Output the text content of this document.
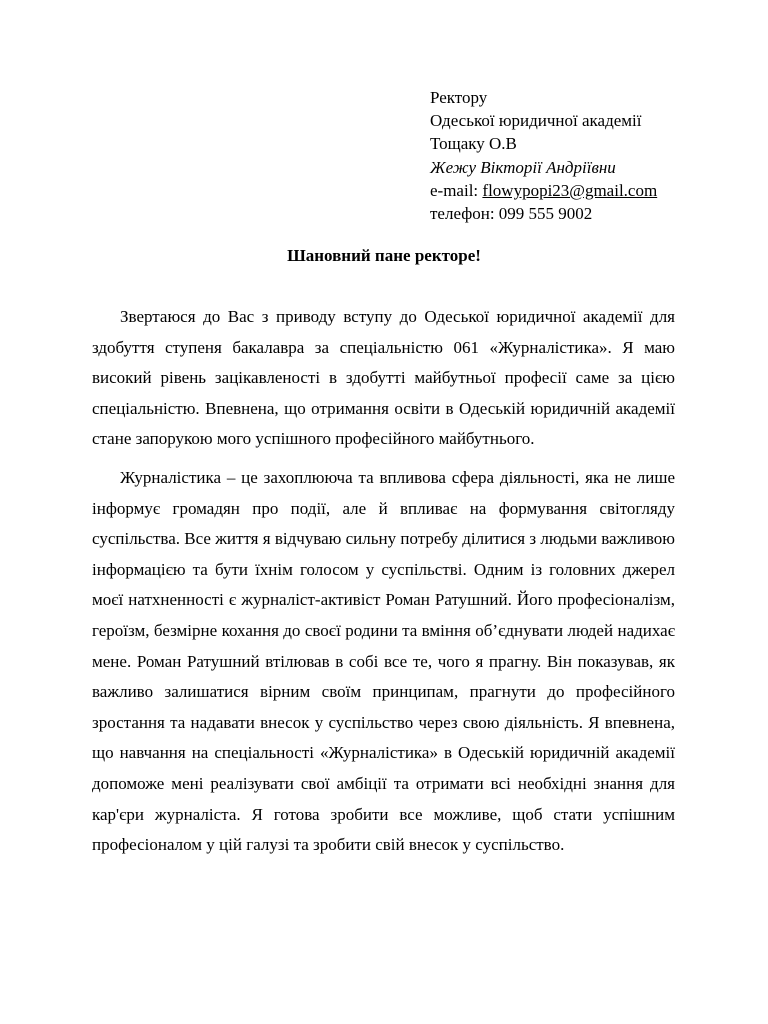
Ректору
Одеської юридичної академії
Тощаку О.В
Жежу Вікторії Андріївни
e-mail: flowypopi23@gmail.com
телефон: 099 555 9002
Шановний пане ректоре!

Звертаюся до Вас з приводу вступу до Одеської юридичної академії для здобуття ступеня бакалавра за спеціальністю 061 «Журналістика». Я маю високий рівень зацікавленості в здобутті майбутньої професії саме за цією спеціальністю. Впевнена, що отримання освіти в Одеській юридичній академії стане запорукою мого успішного професійного майбутнього.

Журналістика – це захоплююча та впливова сфера діяльності, яка не лише інформує громадян про події, але й впливає на формування світогляду суспільства. Все життя я відчуваю сильну потребу ділитися з людьми важливою інформацією та бути їхнім голосом у суспільстві. Одним із головних джерел моєї натхненності є журналіст-активіст Роман Ратушний. Його професіоналізм, героїзм, безмірне кохання до своєї родини та вміння об’єднувати людей надихає мене. Роман Ратушний втілював в собі все те, чого я прагну. Він показував, як важливо залишатися вірним своїм принципам, прагнути до професійного зростання та надавати внесок у суспільство через свою діяльність. Я впевнена, що навчання на спеціальності «Журналістика» в Одеській юридичній академії допоможе мені реалізувати свої амбіції та отримати всі необхідні знання для кар'єри журналіста. Я готова зробити все можливе, щоб стати успішним професіоналом у цій галузі та зробити свій внесок у суспільство.
